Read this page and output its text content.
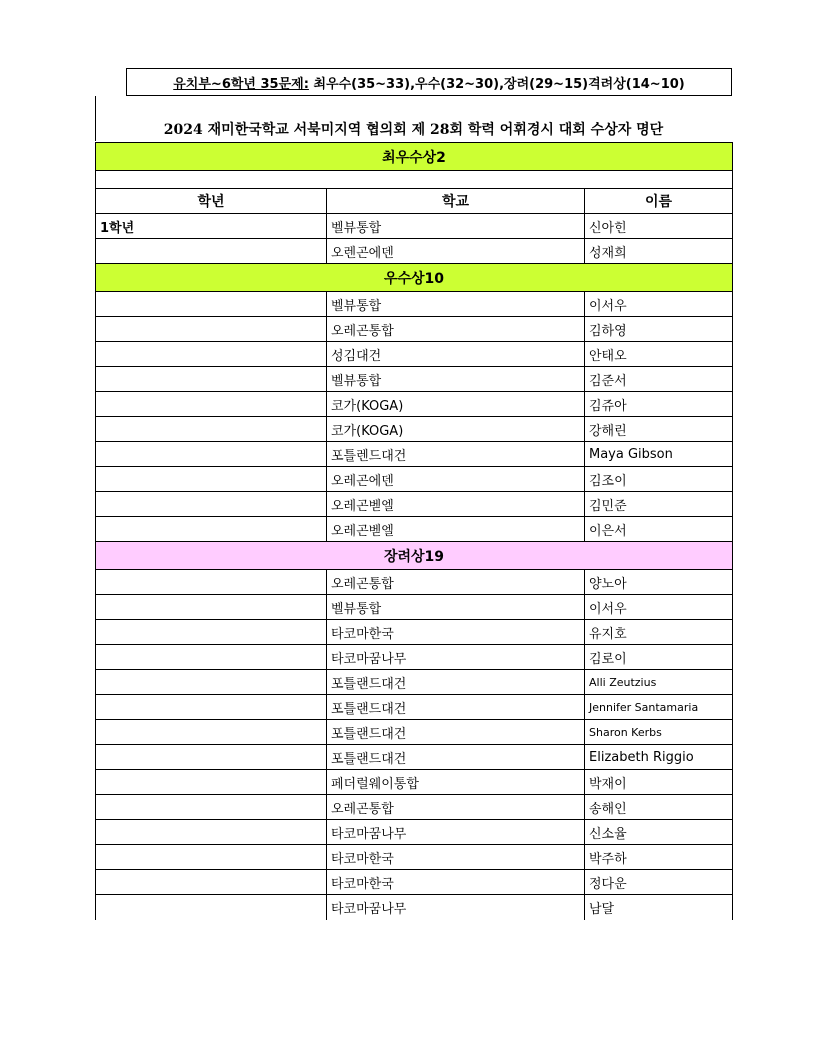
유치부~6학년 35문제: 최우수(35~33),우수(32~30),장려(29~15)격려상(14~10)
2024 재미한국학교 서북미지역 협의회 제 28회 학력 어휘경시 대회 수상자 명단
최우수상2		

학년	학교	이름
1학년	벨뷰통합	신아힌
	오렌곤에덴	성재희
우수상10		
	벨뷰통합	이서우
	오레곤통합	김하영
	성김대건	안태오
	벨뷰통합	김준서
	코가(KOGA)	김쥬아
	코가(KOGA)	강해린
	포틀렌드대건	Maya Gibson
	오레곤에덴	김조이
	오레곤벧엘	김민준
	오레곤벧엘	이은서
장려상19		
	오레곤통합	양노아
	벨뷰통합	이서우
	타코마한국	유지호
	타코마꿈나무	김로이
	포틀랜드대건	Alli Zeutzius
	포틀랜드대건	Jennifer Santamaria
	포틀랜드대건	Sharon Kerbs
	포틀랜드대건	Elizabeth Riggio
	페더럴웨이통합	박재이
	오레곤통합	송해인
	타코마꿈나무	신소율
	타코마한국	박주하
	타코마한국	정다운
	타코마꿈나무	남달
